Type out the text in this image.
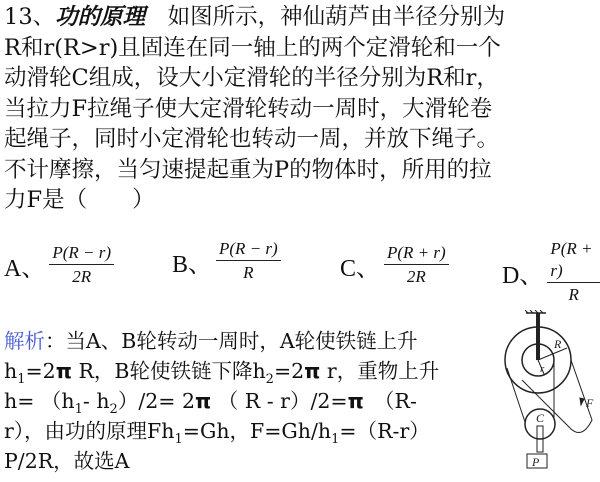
13、功的原理　 如图所示，神仙葫芦由半径分别为
R和r(R>r)且固连在同一轴上的两个定滑轮和一个
动滑轮C组成，设大小定滑轮的半径分别为R和r，
当拉力F拉绳子使大定滑轮转动一周时，大滑轮卷
起绳子，同时小定滑轮也转动一周，并放下绳子。
不计摩擦，当匀速提起重为P的物体时，所用的拉
力F是（　　）
A、 $\frac{P(R - r)}{2R}$ B、 $\frac{P(R - r)}{R}$ C、 $\frac{P(R + r)}{2R}$ D、 $\frac{P(R + r)}{R}$
解析：当A、B轮转动一周时，A轮使铁链上升
$h_1=2\pi$ R，B轮使铁链下降$h_2=2\pi$ r，重物上升
$h= (h_1-$ $h_2)/2= 2\pi$ （ R - r）/2=π　（R-
r），由功的原理$Fh_1=Gh$，$F=Gh/h_1=(R-r)$
P/2R，故选A
R
r
F
C
P
